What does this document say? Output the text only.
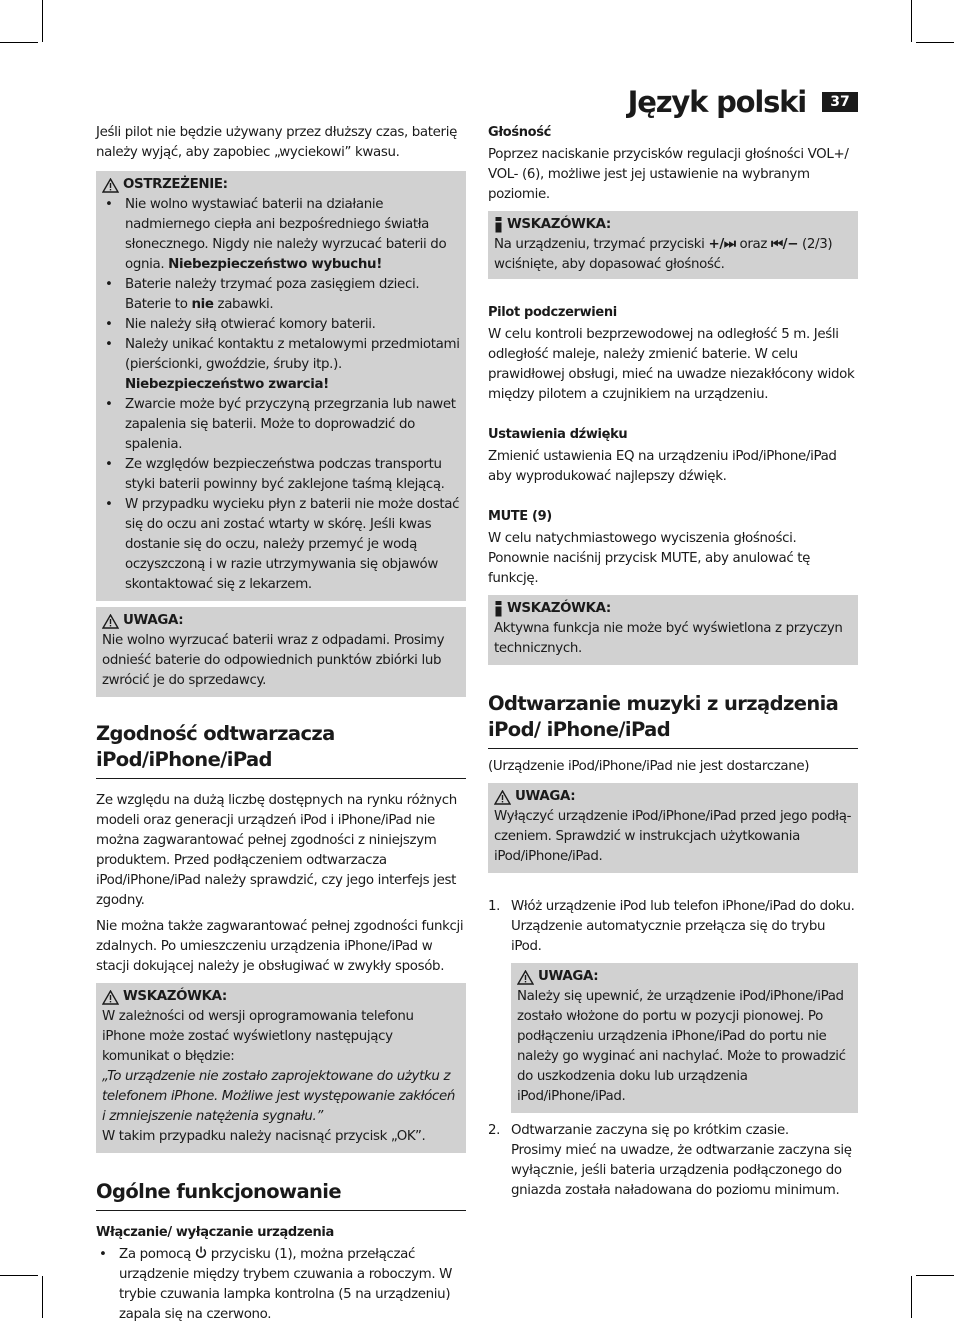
Język polski	37

Jeśli pilot nie będzie używany przez dłuższy czas, baterię należy wyjąć, aby zapobiec „wyciekowi” kwasu.

OSTRZEŻENIE:
• Nie wolno wystawiać baterii na działanie nadmiernego ciepła ani bezpośredniego światła słonecznego. Nigdy nie należy wyrzucać baterii do ognia. Niebezpieczeństwo wybuchu!
• Baterie należy trzymać poza zasięgiem dzieci. Baterie to nie zabawki.
• Nie należy siłą otwierać komory baterii.
• Należy unikać kontaktu z metalowymi przedmiotami (pierścionki, gwoździe, śruby itp.). Niebezpieczeństwo zwarcia!
• Zwarcie może być przyczyną przegrzania lub nawet zapalenia się baterii. Może to doprowadzić do spalenia.
• Ze względów bezpieczeństwa podczas transportu styki baterii powinny być zaklejone taśmą klejącą.
• W przypadku wycieku płyn z baterii nie może dostać się do oczu ani zostać wtarty w skórę. Jeśli kwas dostanie się do oczu, należy przemyć je wodą oczyszczoną i w razie utrzymywania się objawów skontaktować się z lekarzem.
UWAGA:

Nie wolno wyrzucać baterii wraz z odpadami. Prosimy odnieść baterie do odpowiednich punktów zbiórki lub zwrócić je do sprzedawcy.

Zgodność odtwarzacza iPod/iPhone/iPad

Ze względu na dużą liczbę dostępnych na rynku różnych modeli oraz generacji urządzeń iPod i iPhone/iPad nie można zagwarantować pełnej zgodności z niniejszym produktem. Przed podłączeniem odtwarzacza iPod/iPhone/iPad należy sprawdzić, czy jego interfejs jest zgodny.

Nie można także zagwarantować pełnej zgodności funkcji zdalnych. Po umieszczeniu urządzenia iPhone/iPad w stacji dokującej należy je obsługiwać w zwykły sposób.

WSKAZÓWKA:

W zależności od wersji oprogramowania telefonu iPhone może zostać wyświetlony następujący komunikat o błędzie:

„To urządzenie nie zostało zaprojektowane do użytku z telefonem iPhone. Możliwe jest występowanie zakłóceń i zmniejszenie natężenia sygnału.”

W takim przypadku należy nacisnąć przycisk „OK”.

Ogólne funkcjonowanie
Włączanie/ wyłączanie urządzenia
• Za pomocą  przycisku (1), można przełączać urządzenie między trybem czuwania a roboczym. W trybie czuwania lampka kontrolna (5 na urządzeniu) zapala się na czerwono.
Głośność

Poprzez naciskanie przycisków regulacji głośności VOL+/ VOL- (6), możliwe jest jej ustawienie na wybranym poziomie.

WSKAZÓWKA:

Na urządzeniu, trzymać przyciski +/⏭ oraz ⏮/− (2/3) wciśnięte, aby dopasować głośność.

Pilot podczerwieni

W celu kontroli bezprzewodowej na odległość 5 m. Jeśli odległość maleje, należy zmienić baterie. W celu prawidłowej obsługi, mieć na uwadze niezakłócony widok między pilotem a czujnikiem na urządzeniu.

Ustawienia dźwięku

Zmienić ustawienia EQ na urządzeniu iPod/iPhone/iPad aby wyprodukować najlepszy dźwięk.

MUTE (9)

W celu natychmiastowego wyciszenia głośności. Ponownie naciśnij przycisk MUTE, aby anulować tę funkcję.

WSKAZÓWKA:

Aktywna funkcja nie może być wyświetlona z przyczyn technicznych.

Odtwarzanie muzyki z urządzenia iPod/ iPhone/iPad

(Urządzenie iPod/iPhone/iPad nie jest dostarczane)

UWAGA:

Wyłączyć urządzenie iPod/iPhone/iPad przed jego podłączeniem. Sprawdzić w instrukcjach użytkowania iPod/iPhone/iPad.

1. Włóż urządzenie iPod lub telefon iPhone/iPad do doku. Urządzenie automatycznie przełącza się do trybu iPod.

UWAGA:

Należy się upewnić, że urządzenie iPod/iPhone/iPad zostało włożone do portu w pozycji pionowej. Po podłączeniu urządzenia iPhone/iPad do portu nie należy go wyginać ani nachylać. Może to prowadzić do uszkodzenia doku lub urządzenia iPod/iPhone/iPad.

2. Odtwarzanie zaczyna się po krótkim czasie.

Prosimy mieć na uwadze, że odtwarzanie zaczyna się wyłącznie, jeśli bateria urządzenia podłączonego do gniazda została naładowana do poziomu minimum.
